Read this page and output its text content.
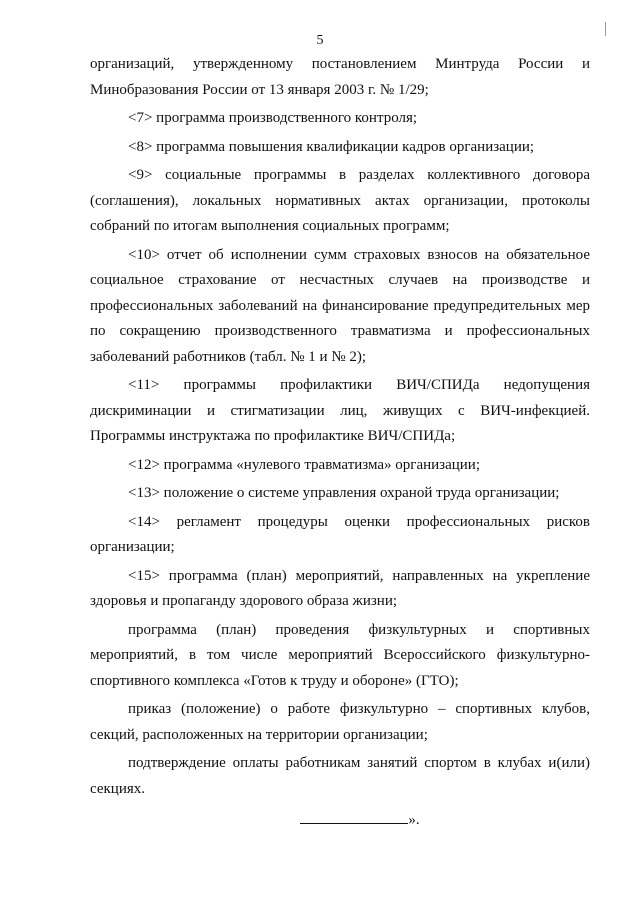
5

организаций, утвержденному постановлением Минтруда России и Минобразования России от 13 января 2003 г. № 1/29;

<7> программа производственного контроля;

<8> программа повышения квалификации кадров организации;

<9> социальные программы в разделах коллективного договора (соглашения), локальных нормативных актах организации, протоколы собраний по итогам выполнения социальных программ;

<10> отчет об исполнении сумм страховых взносов на обязательное социальное страхование от несчастных случаев на производстве и профессиональных заболеваний на финансирование предупредительных мер по сокращению производственного травматизма и профессиональных заболеваний работников (табл. № 1 и № 2);

<11> программы профилактики ВИЧ/СПИДа недопущения дискриминации и стигматизации лиц, живущих с ВИЧ-инфекцией. Программы инструктажа по профилактике ВИЧ/СПИДа;

<12> программа «нулевого травматизма» организации;

<13> положение о системе управления охраной труда организации;

<14> регламент процедуры оценки профессиональных рисков организации;

<15> программа (план) мероприятий, направленных на укрепление здоровья и пропаганду здорового образа жизни;

программа (план) проведения физкультурных и спортивных мероприятий, в том числе мероприятий Всероссийского физкультурно-спортивного комплекса «Готов к труду и обороне» (ГТО);

приказ (положение) о работе физкультурно – спортивных клубов, секций, расположенных на территории организации;

подтверждение оплаты работникам занятий спортом в клубах и(или) секциях.

».
